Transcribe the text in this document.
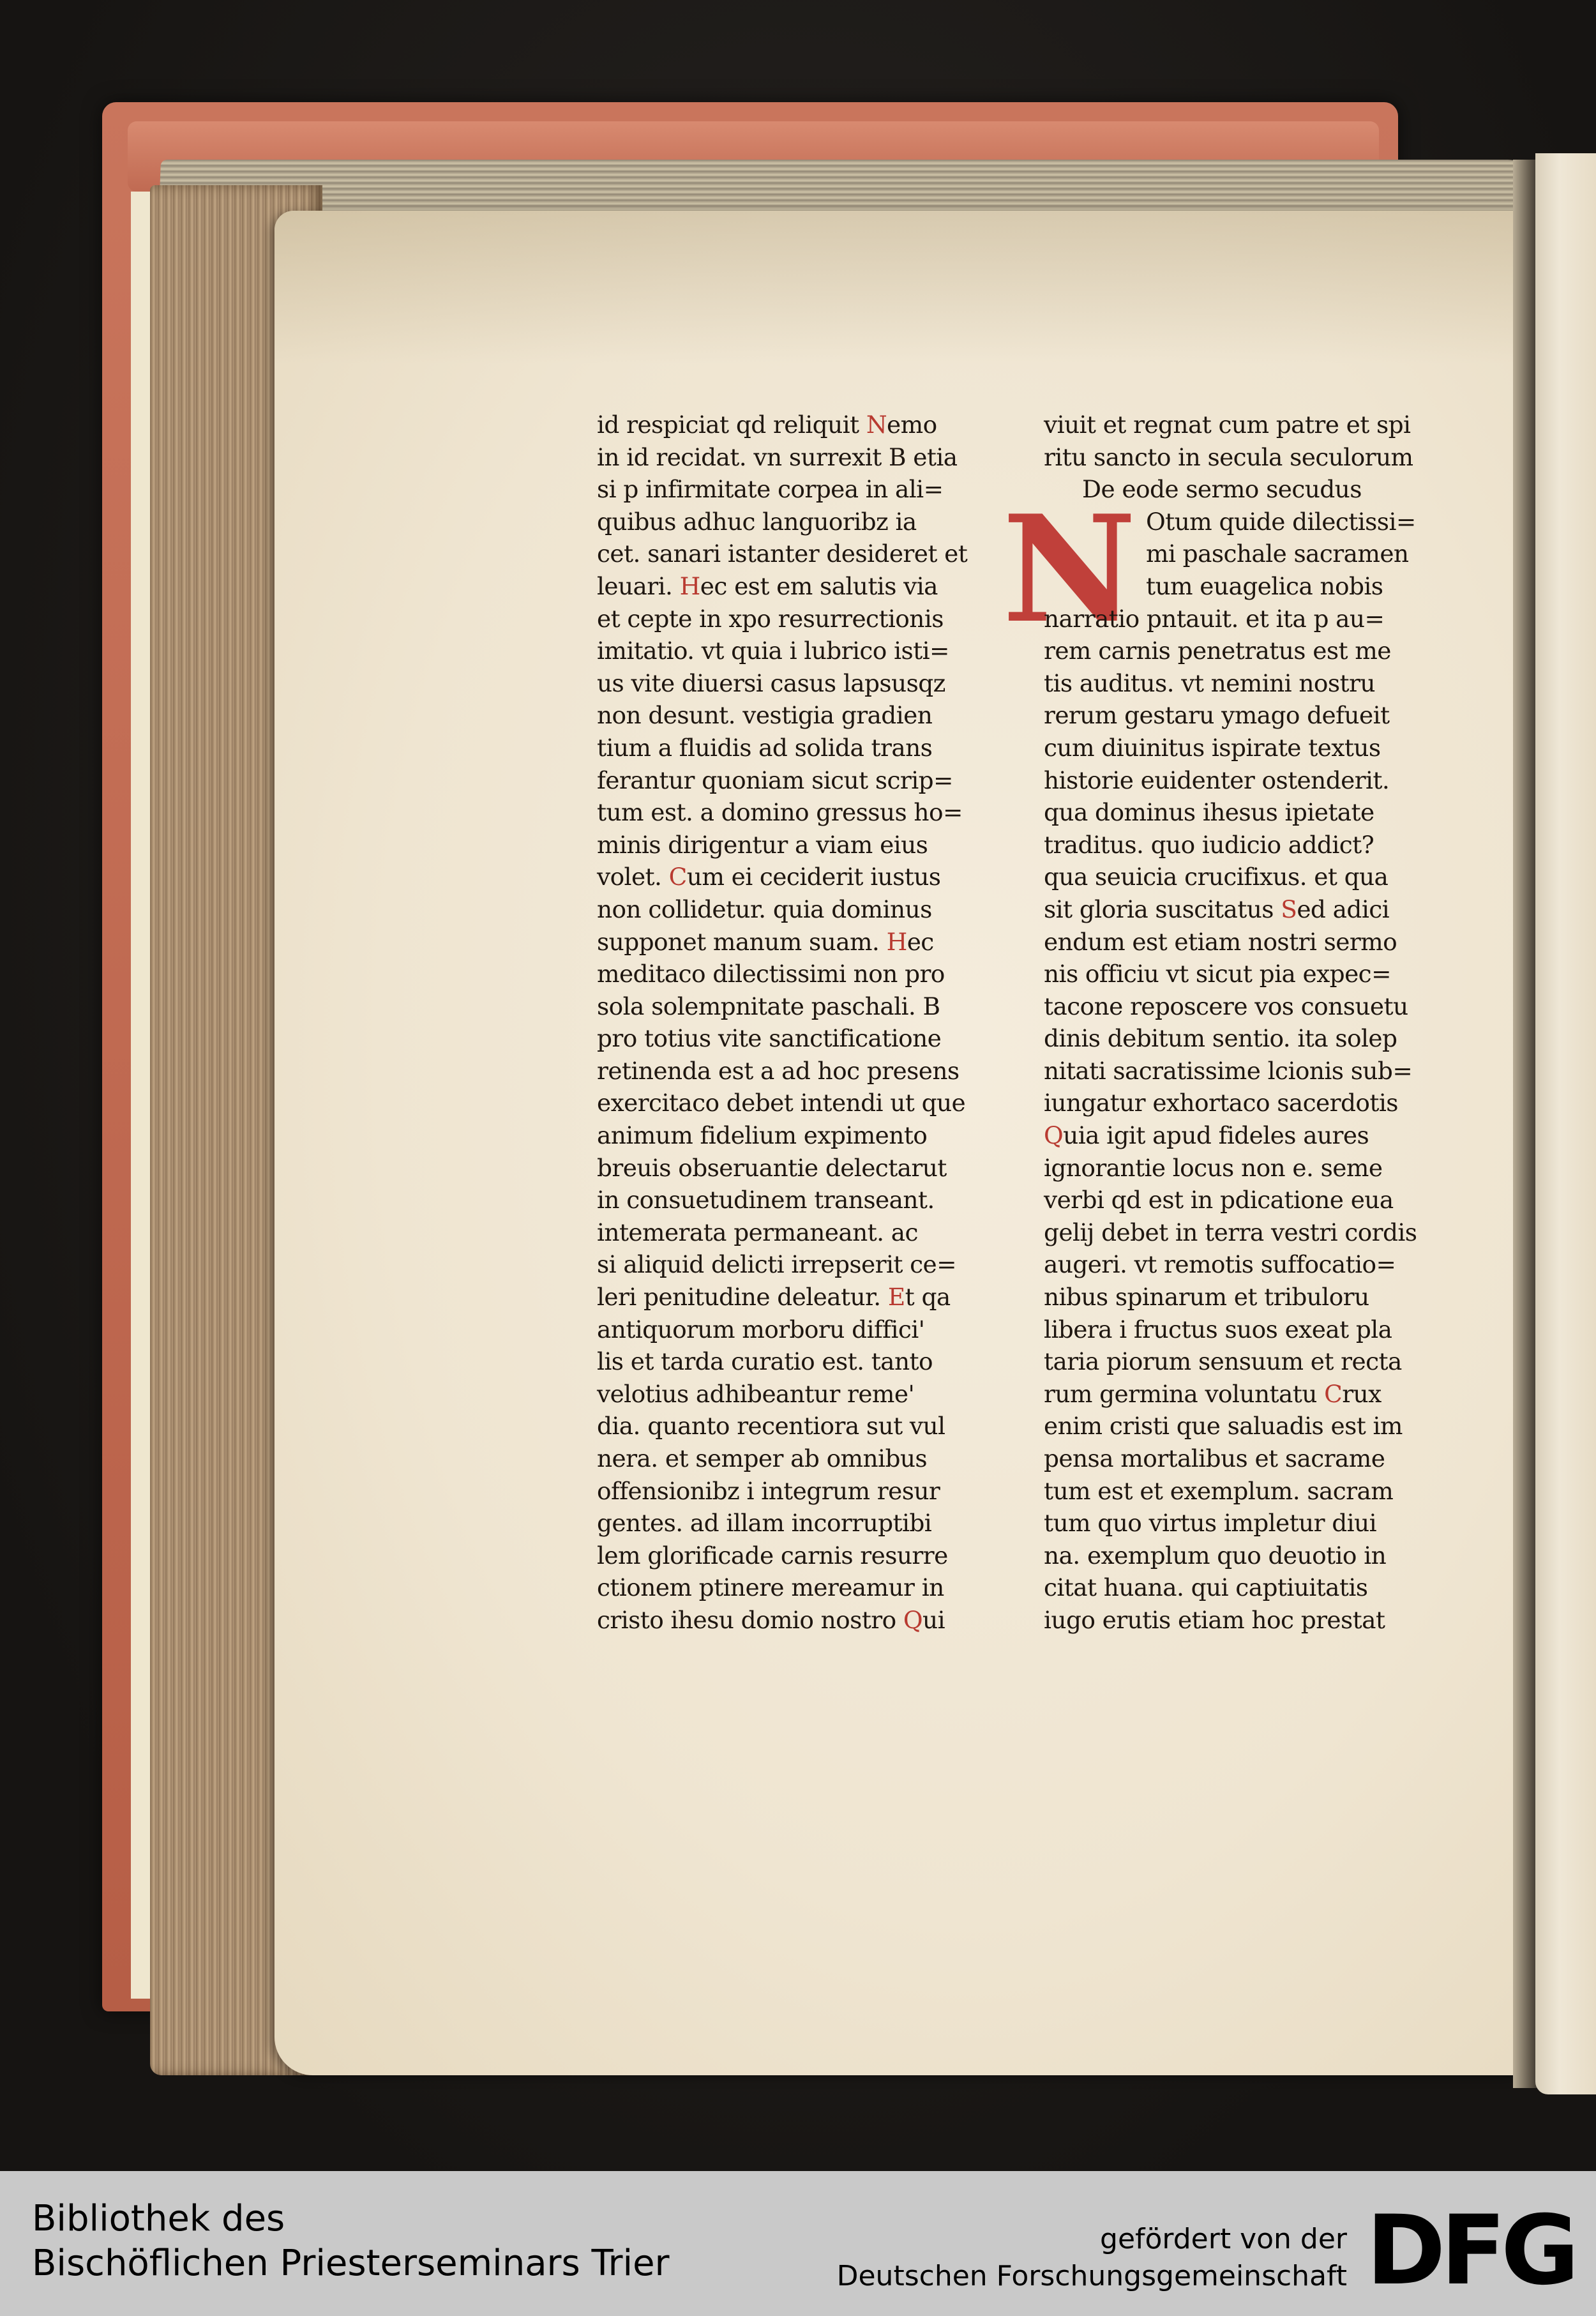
id respiciat qd reliquit Nemo
in id recidat. vn surrexit B etia
si p infirmitate corpea in ali=
quibus adhuc languoribz ia
cet. sanari istanter desideret et
leuari. Hec est em salutis via
et cepte in xpo resurrectionis
imitatio. vt quia i lubrico isti=
us vite diuersi casus lapsusqz
non desunt. vestigia gradien
tium a fluidis ad solida trans
ferantur quoniam sicut scrip=
tum est. a domino gressus ho=
minis dirigentur a viam eius
volet. Cum ei ceciderit iustus
non collidetur. quia dominus
supponet manum suam. Hec
meditaco dilectissimi non pro
sola solempnitate paschali. B
pro totius vite sanctificatione
retinenda est a ad hoc presens
exercitaco debet intendi ut que
animum fidelium expimento
breuis obseruantie delectarut
in consuetudinem transeant.
intemerata permaneant. ac
si aliquid delicti irrepserit ce=
leri penitudine deleatur. Et qa
antiquorum morboru diffici'
lis et tarda curatio est. tanto
velotius adhibeantur reme'
dia. quanto recentiora sut vul
nera. et semper ab omnibus
offensionibz i integrum resur
gentes. ad illam incorruptibi
lem glorificade carnis resurre
ctionem ptinere mereamur in
cristo ihesu domio nostro Qui
N
viuit et regnat cum patre et spi
ritu sancto in secula seculorum
De eode sermo secudus
Otum quide dilectissi=
mi paschale sacramen
tum euagelica nobis
narratio pntauit. et ita p au=
rem carnis penetratus est me
tis auditus. vt nemini nostru
rerum gestaru ymago defueit
cum diuinitus ispirate textus
historie euidenter ostenderit.
qua dominus ihesus ipietate
traditus. quo iudicio addict?
qua seuicia crucifixus. et qua
sit gloria suscitatus Sed adici
endum est etiam nostri sermo
nis officiu vt sicut pia expec=
tacone reposcere vos consuetu
dinis debitum sentio. ita solep
nitati sacratissime lcionis sub=
iungatur exhortaco sacerdotis
Quia igit apud fideles aures
ignorantie locus non e. seme
verbi qd est in pdicatione eua
gelij debet in terra vestri cordis
augeri. vt remotis suffocatio=
nibus spinarum et tribuloru
libera i fructus suos exeat pla
taria piorum sensuum et recta
rum germina voluntatu Crux
enim cristi que saluadis est im
pensa mortalibus et sacrame
tum est et exemplum. sacram
tum quo virtus impletur diui
na. exemplum quo deuotio in
citat huana. qui captiuitatis
iugo erutis etiam hoc prestat
Bibliothek des
Bischöflichen Priesterseminars Trier
gefördert von der
Deutschen Forschungsgemeinschaft DFG
